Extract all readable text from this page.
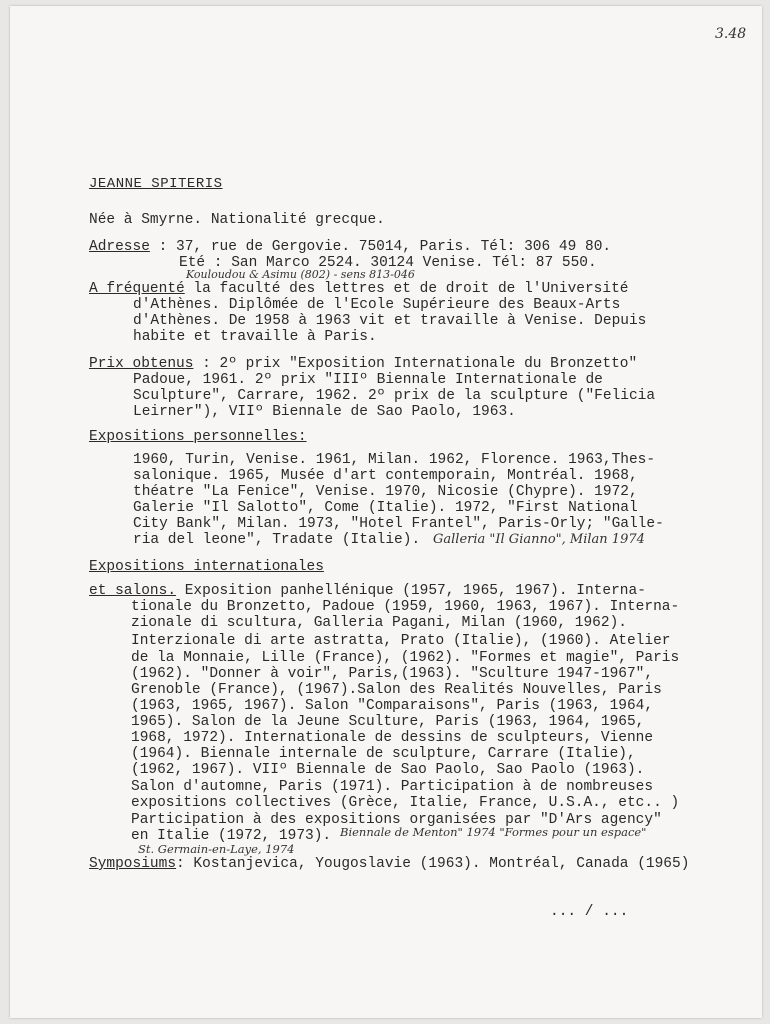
3.48
JEANNE SPITERIS
Née à Smyrne. Nationalité grecque.
Adresse : 37, rue de Gergovie. 75014, Paris. Tél: 306 49 80.
Eté : San Marco 2524. 30124 Venise. Tél: 87 550.
Kouloudou & Asimu (802) - sens 813-046
A fréquenté la faculté des lettres et de droit de l'Université
d'Athènes. Diplômée de l'Ecole Supérieure des Beaux-Arts
d'Athènes. De 1958 à 1963 vit et travaille à Venise. Depuis
habite et travaille à Paris.
Prix obtenus : 2º prix "Exposition Internationale du Bronzetto"
Padoue, 1961. 2º prix "IIIº Biennale Internationale de
Sculpture", Carrare, 1962. 2º prix de la sculpture ("Felicia
Leirner"), VIIº Biennale de Sao Paolo, 1963.
Expositions personnelles:
1960, Turin, Venise. 1961, Milan. 1962, Florence. 1963,Thes-
salonique. 1965, Musée d'art contemporain, Montréal. 1968,
théatre "La Fenice", Venise. 1970, Nicosie (Chypre). 1972,
Galerie "Il Salotto", Come (Italie). 1972, "First National
City Bank", Milan. 1973, "Hotel Frantel", Paris-Orly; "Galle-
ria del leone", Tradate (Italie). Galleria "Il Gianno", Milan 1974
Expositions internationales
et salons. Exposition panhellénique (1957, 1965, 1967). Interna-
tionale du Bronzetto, Padoue (1959, 1960, 1963, 1967). Interna-
zionale di scultura, Galleria Pagani, Milan (1960, 1962).
Interzionale di arte astratta, Prato (Italie), (1960). Atelier
de la Monnaie, Lille (France), (1962). "Formes et magie", Paris
(1962). "Donner à voir", Paris,(1963). "Sculture 1947-1967",
Grenoble (France), (1967).Salon des Realités Nouvelles, Paris
(1963, 1965, 1967). Salon "Comparaisons", Paris (1963, 1964,
1965). Salon de la Jeune Sculture, Paris (1963, 1964, 1965,
1968, 1972). Internationale de dessins de sculpteurs, Vienne
(1964). Biennale internale de sculpture, Carrare (Italie),
(1962, 1967). VIIº Biennale de Sao Paolo, Sao Paolo (1963).
Salon d'automne, Paris (1971). Participation à de nombreuses
expositions collectives (Grèce, Italie, France, U.S.A., etc.. )
Participation à des expositions organisées par "D'Ars agency"
en Italie (1972, 1973). Biennale de Menton" 1974 "Formes pour un espace"
St. Germain-en-Laye, 1974
Symposiums: Kostanjevica, Yougoslavie (1963). Montréal, Canada (1965)
... / ...
